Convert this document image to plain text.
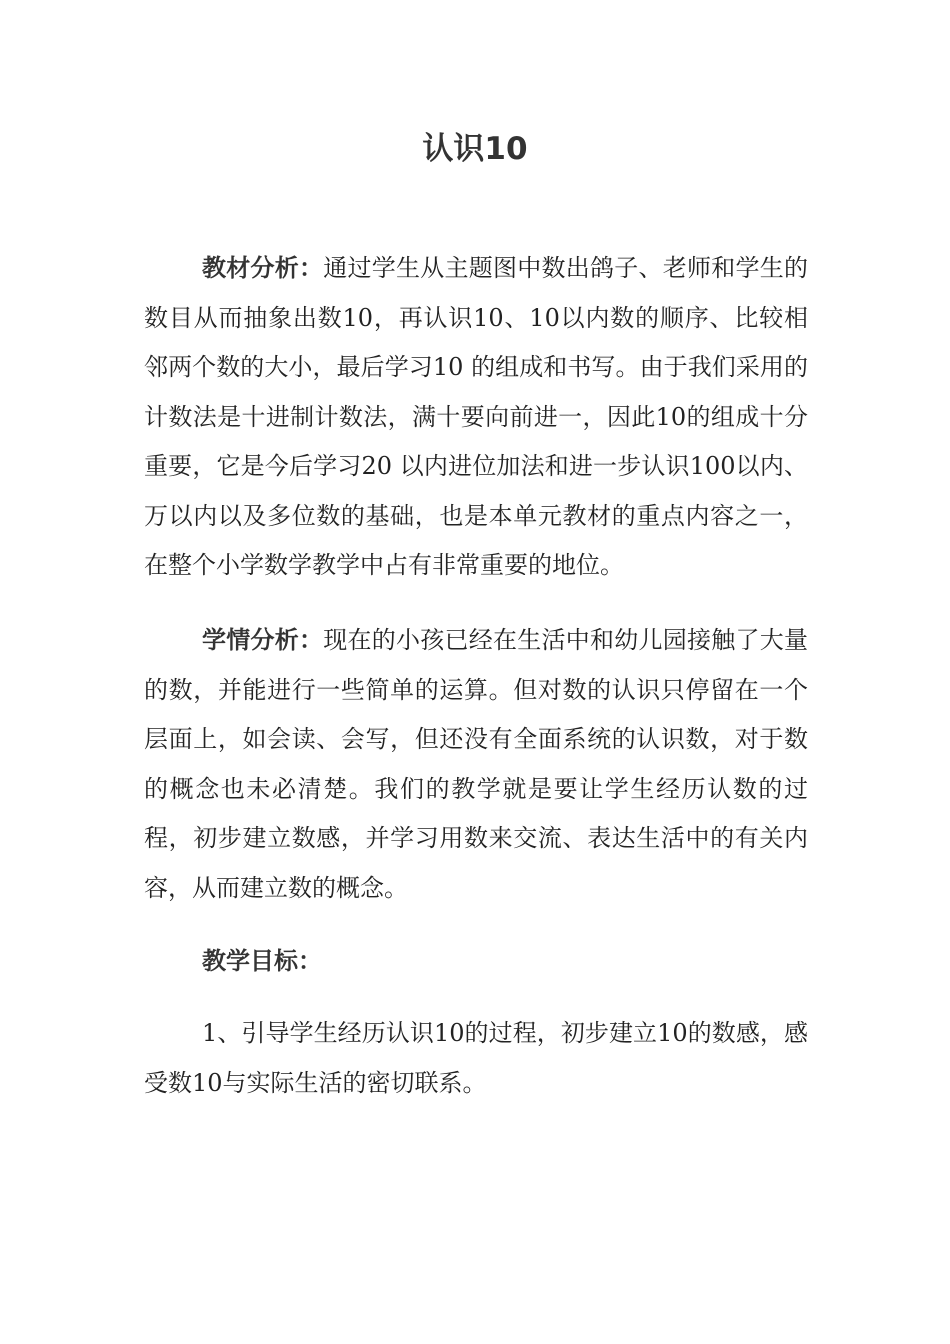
认识10

教材分析：通过学生从主题图中数出鸽子、老师和学生的数目从而抽象出数10，再认识10、10以内数的顺序、比较相邻两个数的大小，最后学习10 的组成和书写。由于我们采用的计数法是十进制计数法，满十要向前进一，因此10的组成十分重要，它是今后学习20 以内进位加法和进一步认识100以内、万以内以及多位数的基础，也是本单元教材的重点内容之一，在整个小学数学教学中占有非常重要的地位。

学情分析：现在的小孩已经在生活中和幼儿园接触了大量的数，并能进行一些简单的运算。但对数的认识只停留在一个层面上，如会读、会写，但还没有全面系统的认识数，对于数的概念也未必清楚。我们的教学就是要让学生经历认数的过程，初步建立数感，并学习用数来交流、表达生活中的有关内容，从而建立数的概念。

教学目标：

1、引导学生经历认识10的过程，初步建立10的数感，感受数10与实际生活的密切联系。
